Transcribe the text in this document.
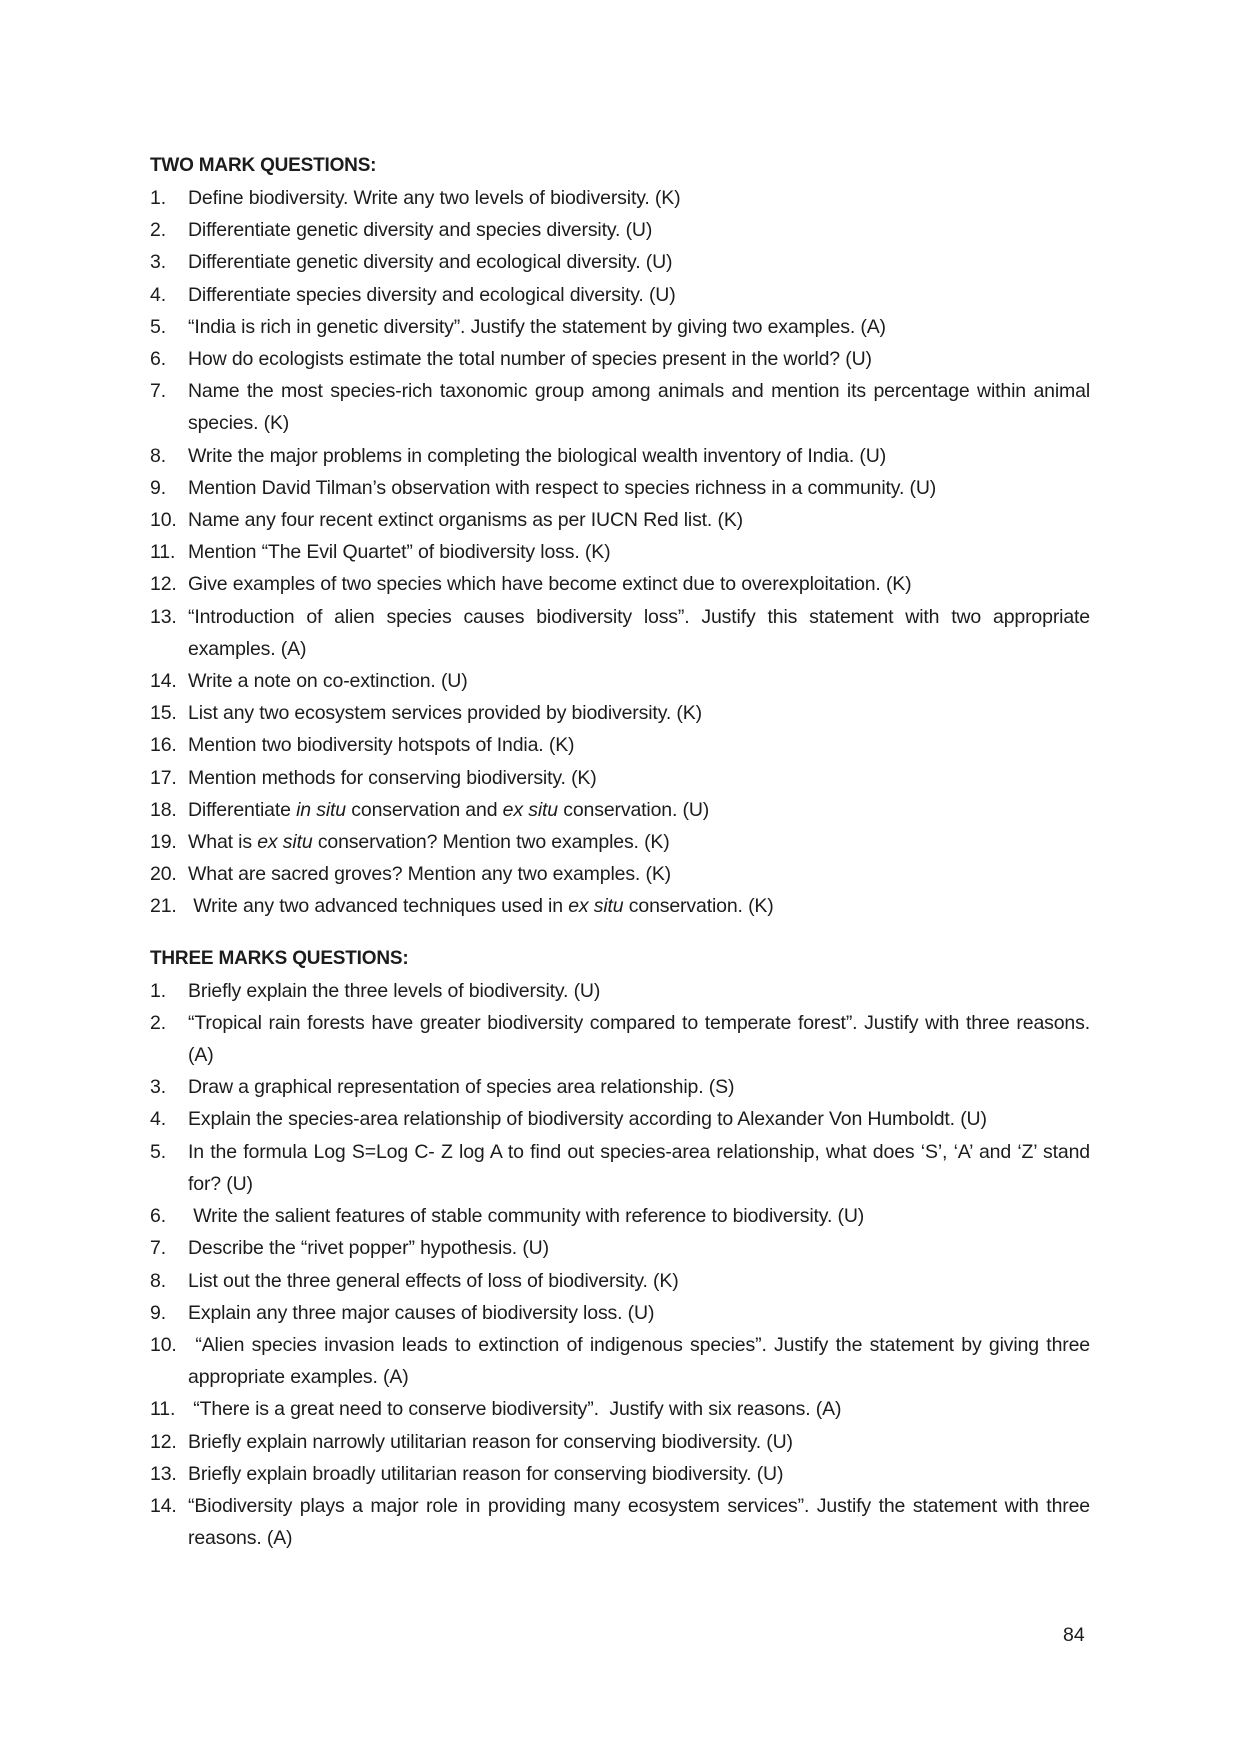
TWO MARK QUESTIONS:
1.	Define biodiversity. Write any two levels of biodiversity. (K)
2.	Differentiate genetic diversity and species diversity. (U)
3.	Differentiate genetic diversity and ecological diversity. (U)
4.	Differentiate species diversity and ecological diversity. (U)
5.	“India is rich in genetic diversity”. Justify the statement by giving two examples. (A)
6.	How do ecologists estimate the total number of species present in the world? (U)
7.	Name the most species-rich taxonomic group among animals and mention its percentage within animal species. (K)
8.	Write the major problems in completing the biological wealth inventory of India. (U)
9.	Mention David Tilman’s observation with respect to species richness in a community. (U)
10. Name any four recent extinct organisms as per IUCN Red list. (K)
11. Mention “The Evil Quartet” of biodiversity loss. (K)
12. Give examples of two species which have become extinct due to overexploitation. (K)
13. “Introduction of alien species causes biodiversity loss”. Justify this statement with two appropriate examples. (A)
14. Write a note on co-extinction. (U)
15. List any two ecosystem services provided by biodiversity. (K)
16. Mention two biodiversity hotspots of India. (K)
17. Mention methods for conserving biodiversity. (K)
18. Differentiate in situ conservation and ex situ conservation. (U)
19. What is ex situ conservation? Mention two examples. (K)
20. What are sacred groves? Mention any two examples. (K)
21. Write any two advanced techniques used in ex situ conservation. (K)
THREE MARKS QUESTIONS:
1.	Briefly explain the three levels of biodiversity. (U)
2.	“Tropical rain forests have greater biodiversity compared to temperate forest”. Justify with three reasons. (A)
3.	Draw a graphical representation of species area relationship. (S)
4.	Explain the species-area relationship of biodiversity according to Alexander Von Humboldt. (U)
5.	In the formula Log S=Log C- Z log A to find out species-area relationship, what does ‘S’, ‘A’ and ‘Z’ stand for? (U)
6.	Write the salient features of stable community with reference to biodiversity. (U)
7.	Describe the “rivet popper” hypothesis. (U)
8.	List out the three general effects of loss of biodiversity. (K)
9.	Explain any three major causes of biodiversity loss. (U)
10. “Alien species invasion leads to extinction of indigenous species”. Justify the statement by giving three appropriate examples. (A)
11. “There is a great need to conserve biodiversity”.  Justify with six reasons. (A)
12. Briefly explain narrowly utilitarian reason for conserving biodiversity. (U)
13. Briefly explain broadly utilitarian reason for conserving biodiversity. (U)
14. “Biodiversity plays a major role in providing many ecosystem services”. Justify the statement with three reasons. (A)
84
